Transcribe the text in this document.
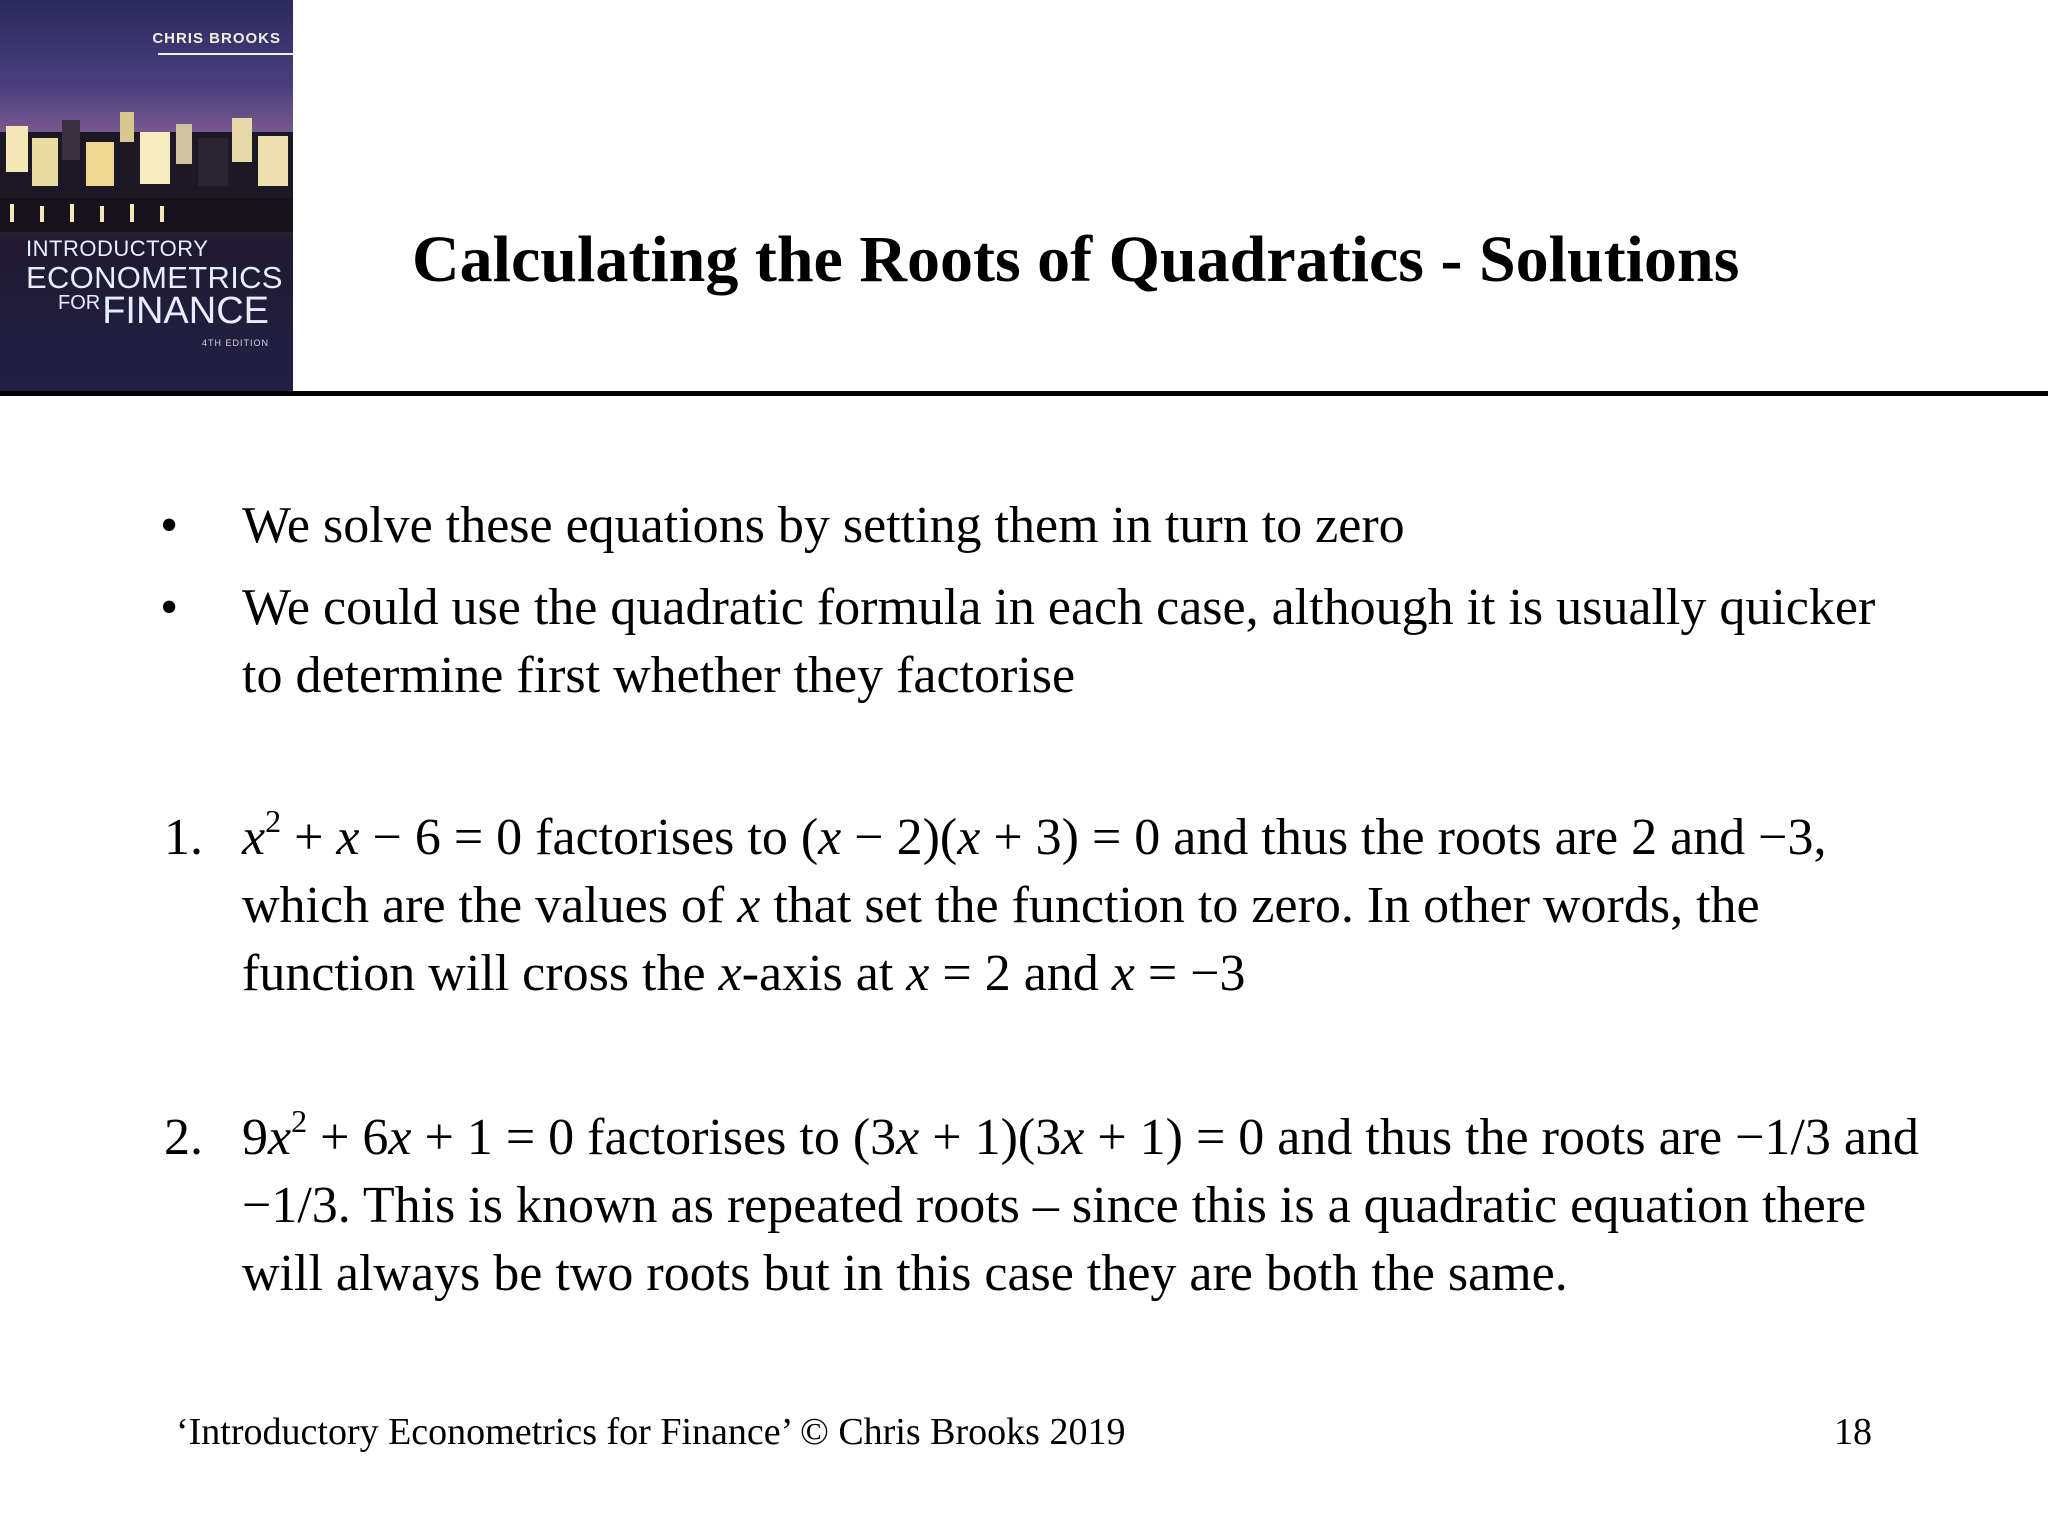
CHRIS BROOKS
INTRODUCTORY
ECONOMETRICS
$^{FOR}$FINANCE
4TH EDITION
Calculating the Roots of Quadratics - Solutions
• We solve these equations by setting them in turn to zero
• We could use the quadratic formula in each case, although it is usually quicker to determine first whether they factorise
1. $x^2 + x - 6 = 0$ factorises to (x − 2)(x + 3) = 0 and thus the roots are 2 and −3, which are the values of x that set the function to zero. In other words, the function will cross the x-axis at x = 2 and x = −3
2. $9x^2 + 6x + 1 = 0$ factorises to (3x + 1)(3x + 1) = 0 and thus the roots are −1/3 and −1/3. This is known as repeated roots – since this is a quadratic equation there will always be two roots but in this case they are both the same.
‘Introductory Econometrics for Finance’ © Chris Brooks 2019	18
